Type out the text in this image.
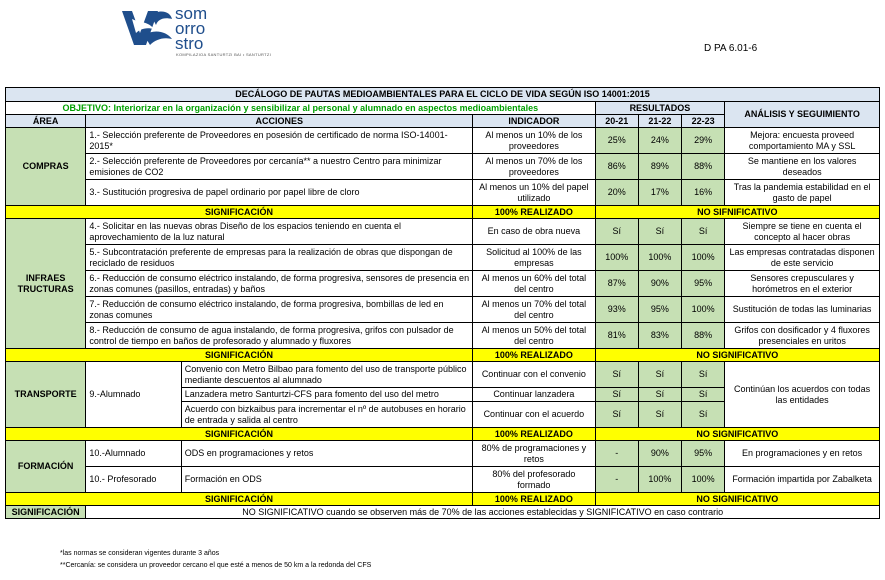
som
orro
stro
KOMPILAZIOA SANTURTZI BAI • SANTURTZI
D PA 6.01-6
DECÁLOGO DE PAUTAS MEDIOAMBIENTALES PARA EL CICLO DE VIDA SEGÚN ISO 14001:2015							
OBJETIVO: Interiorizar en la organización y sensibilizar al personal y alumnado en aspectos medioambientales				RESULTADOS			ANÁLISIS Y SEGUIMIENTO
ÁREA	ACCIONES		INDICADOR	20-21	21-22	22-23	
COMPRAS	1.- Selección preferente de Proveedores en posesión de certificado de norma ISO-14001-2015*		Al menos un 10% de los proveedores	25%	24%	29%	Mejora: encuesta proveed comportamiento MA y SSL
	2.- Selección preferente de Proveedores por cercanía** a nuestro Centro para minimizar emisiones de CO2		Al menos un 70% de los proveedores	86%	89%	88%	Se mantiene en los valores deseados
	3.- Sustitución progresiva de papel ordinario por papel libre de cloro		Al menos un 10% del papel utilizado	20%	17%	16%	Tras la pandemia estabilidad en el gasto de papel
SIGNIFICACIÓN			100% REALIZADO	NO SIFNIFICATIVO			
INFRAES TRUCTURAS	4.- Solicitar en las nuevas obras Diseño de los espacios teniendo en cuenta el aprovechamiento de la luz natural		En caso de obra nueva	Sí	Sí	Sí	Siempre se tiene en cuenta el concepto al hacer obras
	5.- Subcontratación preferente de empresas para la realización de obras que dispongan de reciclado de residuos		Solicitud al 100% de las empresas	100%	100%	100%	Las empresas contratadas disponen de este servicio
	6.- Reducción de consumo eléctrico instalando, de forma progresiva, sensores de presencia en zonas comunes (pasillos, entradas) y baños		Al menos un 60% del total del centro	87%	90%	95%	Sensores crepusculares y horómetros en el exterior
	7.- Reducción de consumo eléctrico instalando, de forma progresiva, bombillas de led en zonas comunes		Al menos un 70% del total del centro	93%	95%	100%	Sustitución de todas las luminarias
	8.- Reducción de consumo de agua instalando, de forma progresiva, grifos con pulsador de control de tiempo en baños de profesorado y alumnado y fluxores		Al menos un 50% del total del centro	81%	83%	88%	Grifos con dosificador y 4 fluxores presenciales en uritos
SIGNIFICACIÓN			100% REALIZADO	NO SIGNIFICATIVO			
TRANSPORTE	9.-Alumnado	Convenio con Metro Bilbao para fomento del uso de transporte público mediante descuentos al alumnado	Continuar con el convenio	Sí	Sí	Sí	Continúan los acuerdos con todas las entidades
		Lanzadera metro Santurtzi-CFS para fomento del uso del metro	Continuar lanzadera	Sí	Sí	Sí	
		Acuerdo con bizkaibus para incrementar el nº de autobuses en horario de entrada y salida al centro	Continuar con el acuerdo	Sí	Sí	Sí	
SIGNIFICACIÓN			100% REALIZADO	NO SIGNIFICATIVO			
FORMACIÓN	10.-Alumnado	ODS en programaciones y retos	80% de programaciones y retos	-	90%	95%	En programaciones y en retos
	10.- Profesorado	Formación en ODS	80% del profesorado formado	-	100%	100%	Formación impartida por Zabalketa
SIGNIFICACIÓN			100% REALIZADO	NO SIGNIFICATIVO			
SIGNIFICACIÓN	NO SIGNIFICATIVO cuando se observen más de 70% de las acciones establecidas y SIGNIFICATIVO en caso contrario						
*las normas se consideran vigentes durante 3 años
**Cercanía: se considera un proveedor cercano el que esté a menos de 50 km a la redonda del CFS
